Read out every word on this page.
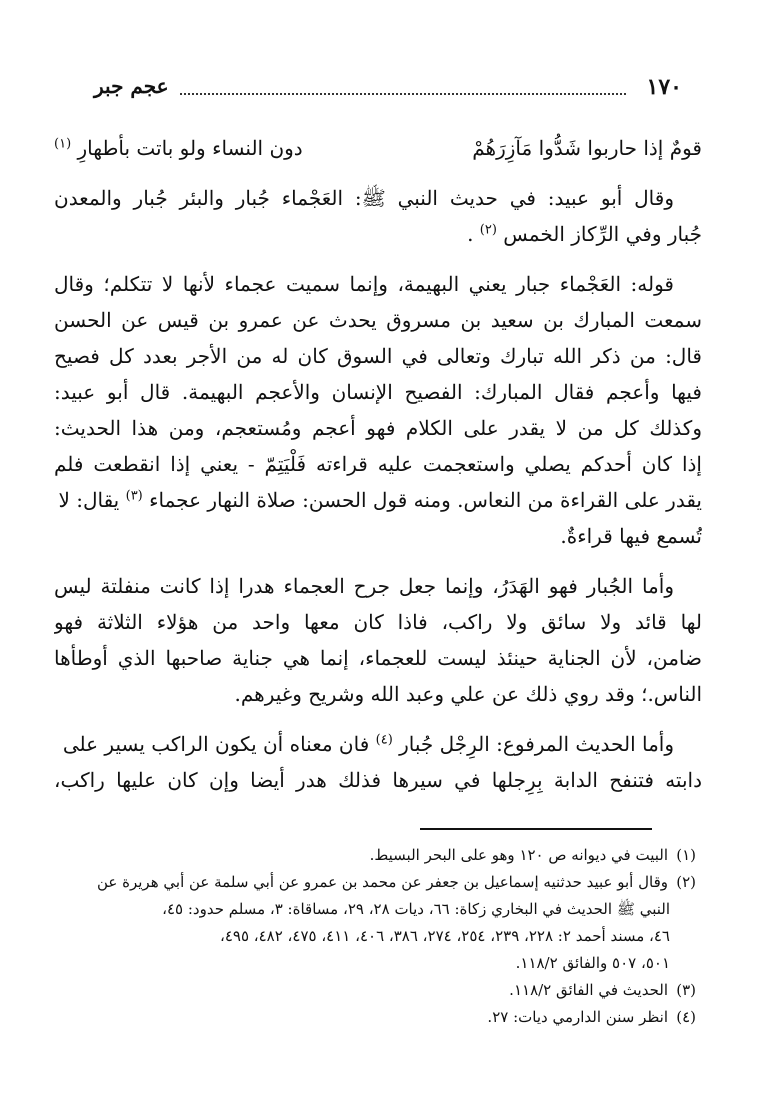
١٧٠
عجم جبر
قومٌ إذا حاربوا شَدُّوا مَآزِرَهُمْ
دون النساء ولو باتت بأطهارِ $^{(١)}$
وقال أبو عبيد: في حديث النبي ﷺ: العَجْماء جُبار والبئر جُبار والمعدن
جُبار وفي الرِّكاز الخمس $^{(٢)}$ .
قوله: العَجْماء جبار يعني البهيمة، وإنما سميت عجماء لأنها لا تتكلم؛ وقال
سمعت المبارك بن سعيد بن مسروق يحدث عن عمرو بن قيس عن الحسن
قال: من ذكر الله تبارك وتعالى في السوق كان له من الأجر بعدد كل فصيح
فيها وأعجم فقال المبارك: الفصيح الإنسان والأعجم البهيمة. قال أبو عبيد:
وكذلك كل من لا يقدر على الكلام فهو أعجم ومُستعجم، ومن هذا الحديث:
إذا كان أحدكم يصلي واستعجمت عليه قراءته فَلْيَتِمّ - يعني إذا انقطعت فلم
يقدر على القراءة من النعاس. ومنه قول الحسن: صلاة النهار عجماء $^{(٣)}$ يقال: لا
تُسمع فيها قراءةٌ.
وأما الجُبار فهو الهَدَرُ، وإنما جعل جرح العجماء هدرا إذا كانت منفلتة ليس
لها قائد ولا سائق ولا راكب، فاذا كان معها واحد من هؤلاء الثلاثة فهو
ضامن، لأن الجناية حينئذ ليست للعجماء، إنما هي جناية صاحبها الذي أوطأها
الناس.؛ وقد روي ذلك عن علي وعبد الله وشريح وغيرهم.
وأما الحديث المرفوع: الرِجْل جُبار $^{(٤)}$ فان معناه أن يكون الراكب يسير على
دابته فتنفح الدابة بِرِجلها في سيرها فذلك هدر أيضا وإن كان عليها راكب،
(١)البيت في ديوانه ص ١٢٠ وهو على البحر البسيط.
(٢)وقال أبو عبيد حدثنيه إسماعيل بن جعفر عن محمد بن عمرو عن أبي سلمة عن أبي هريرة عن
النبي ﷺ الحديث في البخاري زكاة: ٦٦، ديات ٢٨، ٢٩، مساقاة: ٣، مسلم حدود: ٤٥،
٤٦، مسند أحمد ٢: ٢٢٨، ٢٣٩، ٢٥٤، ٢٧٤، ٣٨٦، ٤٠٦، ٤١١، ٤٧٥، ٤٨٢، ٤٩٥،
٥٠١، ٥٠٧ والفائق ١١٨/٢.
(٣)الحديث في الفائق ١١٨/٢.
(٤)انظر سنن الدارمي ديات: ٢٧.
